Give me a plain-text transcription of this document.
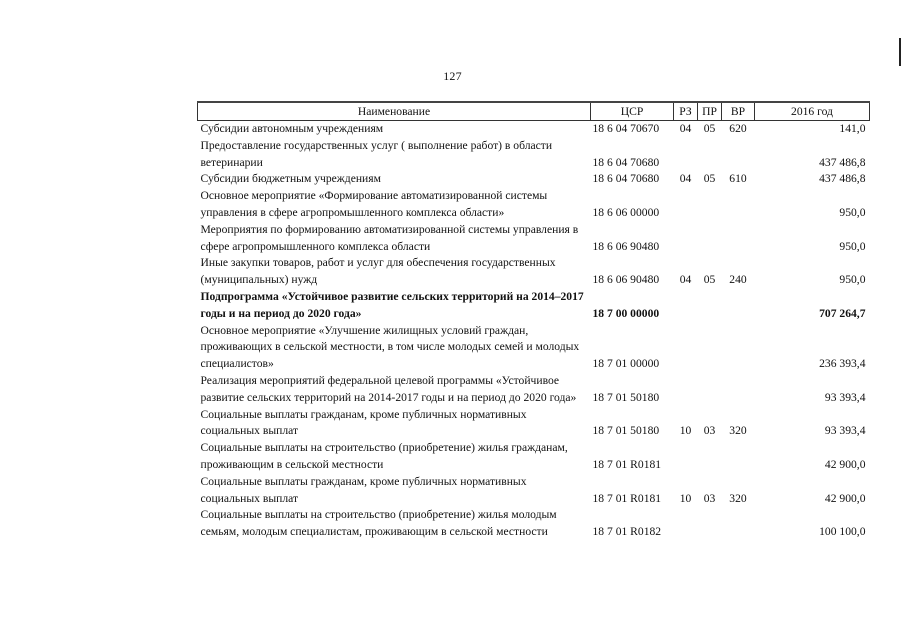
127
Наименование	ЦСР	РЗ	ПР	ВР	2016 год
Субсидии автономным учреждениям	18 6 04 70670	04	05	620	141,0
Предоставление государственных услуг ( выполнение работ) в области ветеринарии	18 6 04 70680				437 486,8
Субсидии бюджетным учреждениям	18 6 04 70680	04	05	610	437 486,8
Основное мероприятие «Формирование автоматизированной системы управления в сфере агропромышленного комплекса области»	18 6 06 00000				950,0
Мероприятия по формированию автоматизированной системы управления в сфере агропромышленного комплекса области	18 6 06 90480				950,0
Иные закупки товаров, работ и услуг для обеспечения государственных (муниципальных) нужд	18 6 06 90480	04	05	240	950,0
Подпрограмма «Устойчивое развитие сельских территорий на 2014–2017 годы и на период до 2020 года»	18 7 00 00000				707 264,7
Основное мероприятие «Улучшение жилищных условий граждан, проживающих в сельской местности, в том числе молодых семей и молодых специалистов»	18 7 01 00000				236 393,4
Реализация мероприятий федеральной целевой программы «Устойчивое развитие сельских территорий на 2014-2017 годы и на период до 2020 года»	18 7 01 50180				93 393,4
Социальные выплаты гражданам, кроме публичных нормативных социальных выплат	18 7 01 50180	10	03	320	93 393,4
Социальные выплаты на строительство (приобретение) жилья гражданам, проживающим в сельской местности	18 7 01 R0181				42 900,0
Социальные выплаты гражданам, кроме публичных нормативных социальных выплат	18 7 01 R0181	10	03	320	42 900,0
Социальные выплаты на строительство (приобретение) жилья молодым семьям, молодым специалистам, проживающим в сельской местности	18 7 01 R0182				100 100,0
